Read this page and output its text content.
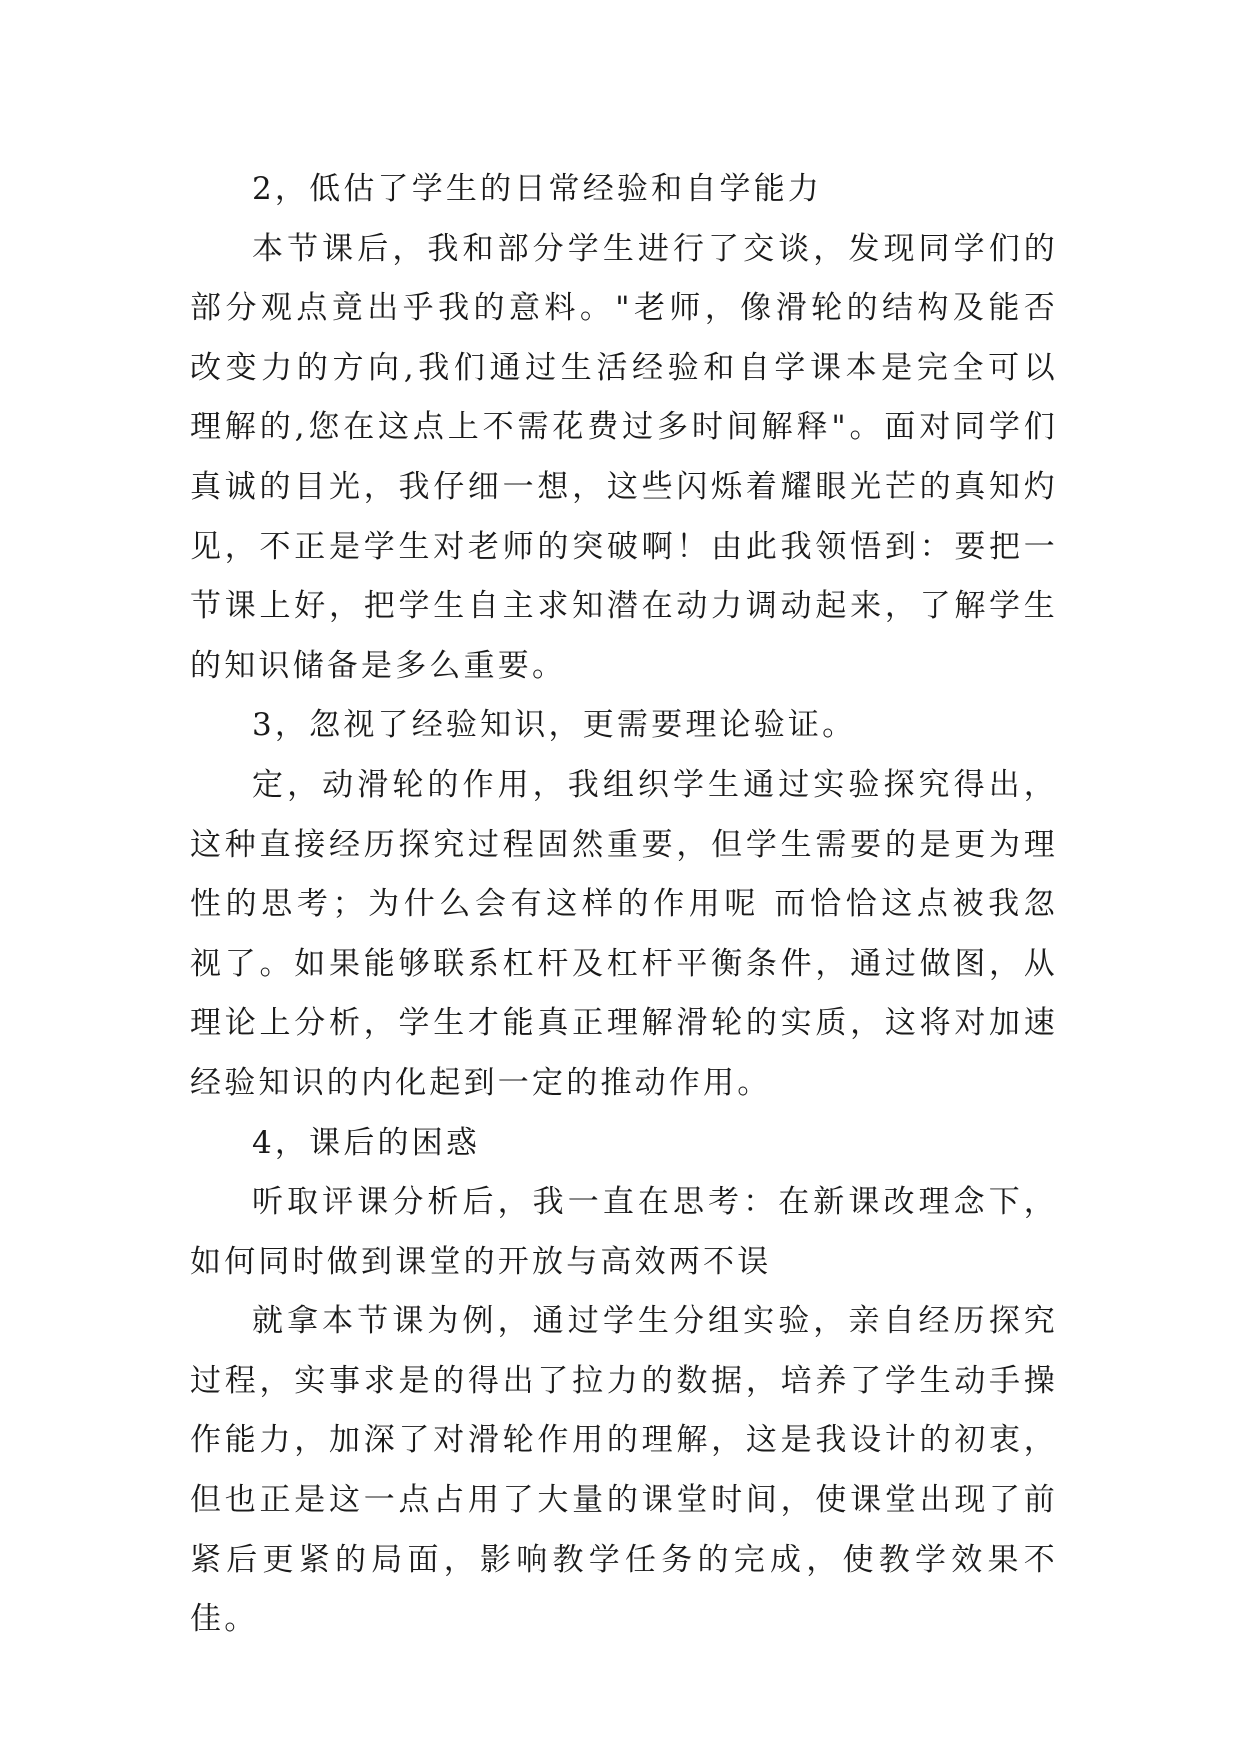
2，低估了学生的日常经验和自学能力

本节课后，我和部分学生进行了交谈，发现同学们的部分观点竟出乎我的意料。"老师，像滑轮的结构及能否改变力的方向,我们通过生活经验和自学课本是完全可以理解的,您在这点上不需花费过多时间解释"。面对同学们真诚的目光，我仔细一想，这些闪烁着耀眼光芒的真知灼见，不正是学生对老师的突破啊！由此我领悟到：要把一节课上好，把学生自主求知潜在动力调动起来，了解学生的知识储备是多么重要。

3，忽视了经验知识，更需要理论验证。

定，动滑轮的作用，我组织学生通过实验探究得出，这种直接经历探究过程固然重要，但学生需要的是更为理性的思考；为什么会有这样的作用呢 而恰恰这点被我忽视了。如果能够联系杠杆及杠杆平衡条件，通过做图，从理论上分析，学生才能真正理解滑轮的实质，这将对加速经验知识的内化起到一定的推动作用。

4，课后的困惑

听取评课分析后，我一直在思考：在新课改理念下，如何同时做到课堂的开放与高效两不误

就拿本节课为例，通过学生分组实验，亲自经历探究过程，实事求是的得出了拉力的数据，培养了学生动手操作能力，加深了对滑轮作用的理解，这是我设计的初衷，但也正是这一点占用了大量的课堂时间，使课堂出现了前紧后更紧的局面，影响教学任务的完成，使教学效果不佳。
